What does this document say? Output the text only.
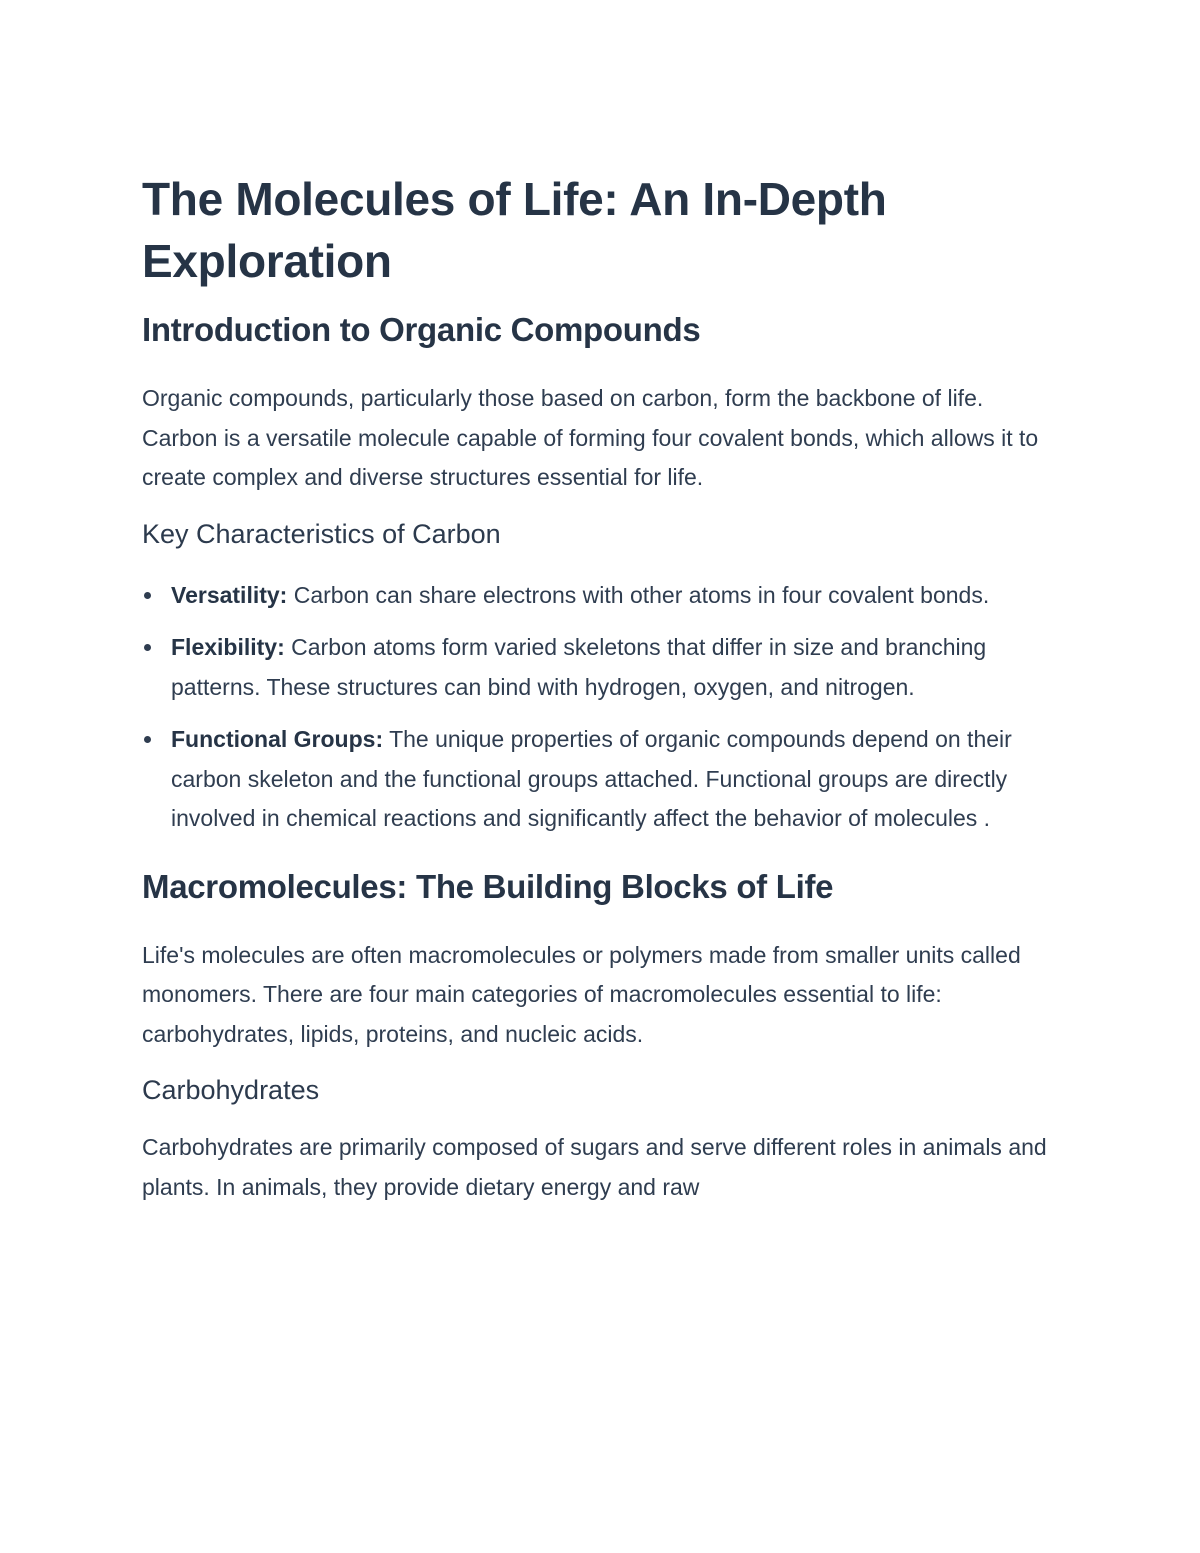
The Molecules of Life: An In-Depth Exploration
Introduction to Organic Compounds

Organic compounds, particularly those based on carbon, form the backbone of life. Carbon is a versatile molecule capable of forming four covalent bonds, which allows it to create complex and diverse structures essential for life.

Key Characteristics of Carbon
Versatility: Carbon can share electrons with other atoms in four covalent bonds.
Flexibility: Carbon atoms form varied skeletons that differ in size and branching patterns. These structures can bind with hydrogen, oxygen, and nitrogen.
Functional Groups: The unique properties of organic compounds depend on their carbon skeleton and the functional groups attached. Functional groups are directly involved in chemical reactions and significantly affect the behavior of molecules .
Macromolecules: The Building Blocks of Life

Life's molecules are often macromolecules or polymers made from smaller units called monomers. There are four main categories of macromolecules essential to life: carbohydrates, lipids, proteins, and nucleic acids.

Carbohydrates

Carbohydrates are primarily composed of sugars and serve different roles in animals and plants. In animals, they provide dietary energy and raw
